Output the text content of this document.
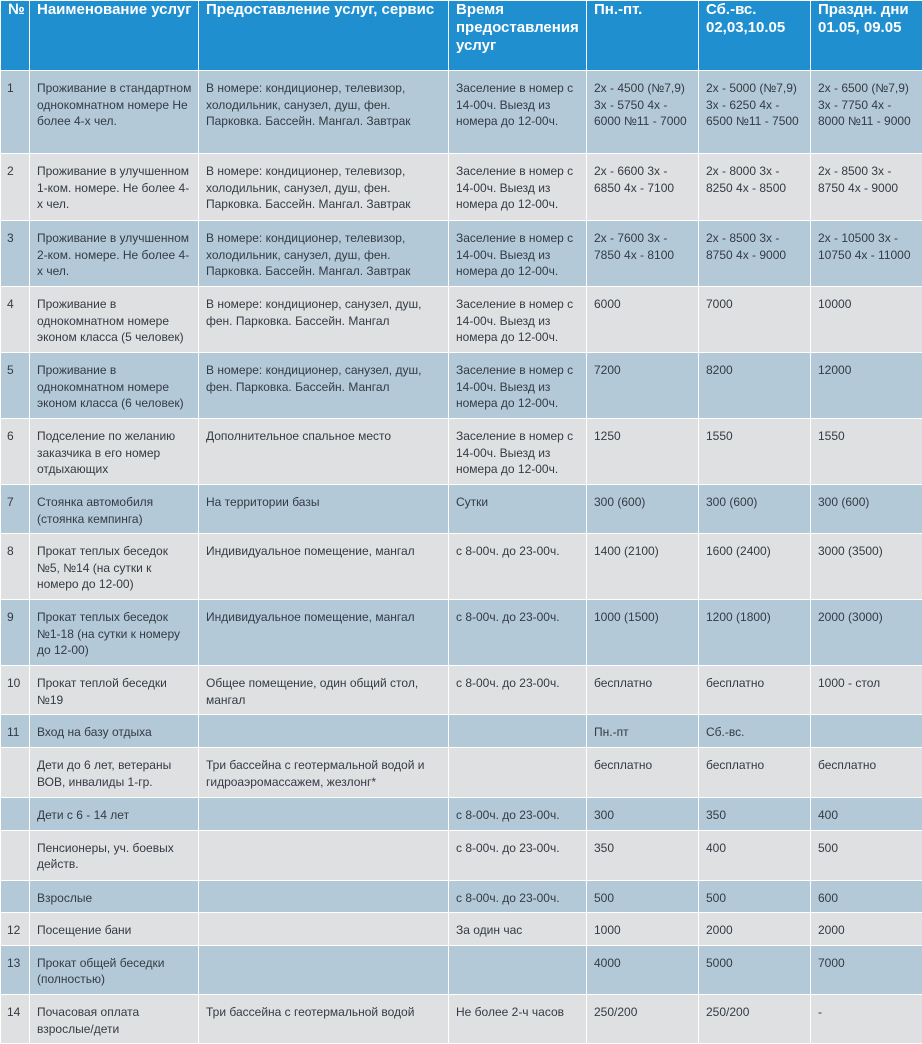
№	Наименование услуг	Предоставление услуг, сервис	Время предоставления услуг	Пн.-пт.	Сб.-вс. 02,03,10.05	Праздн. дни 01.05, 09.05
1	Проживание в стандартном однокомнатном номере Не более 4-х чел.	В номере: кондиционер, телевизор, холодильник, санузел, душ, фен. Парковка. Бассейн. Мангал. Завтрак	Заселение в номер с 14-00ч. Выезд из номера до 12-00ч.	2х - 4500 (№7,9) 3х - 5750 4х - 6000 №11 - 7000	2х - 5000 (№7,9) 3х - 6250 4х - 6500 №11 - 7500	2х - 6500 (№7,9) 3х - 7750 4х - 8000 №11 - 9000
2	Проживание в улучшенном 1-ком. номере. Не более 4-х чел.	В номере: кондиционер, телевизор, холодильник, санузел, душ, фен. Парковка. Бассейн. Мангал. Завтрак	Заселение в номер с 14-00ч. Выезд из номера до 12-00ч.	2х - 6600 3х - 6850 4х - 7100	2х - 8000 3х - 8250 4х - 8500	2х - 8500 3х - 8750 4х - 9000
3	Проживание в улучшенном 2-ком. номере. Не более 4-х чел.	В номере: кондиционер, телевизор, холодильник, санузел, душ, фен. Парковка. Бассейн. Мангал. Завтрак	Заселение в номер с 14-00ч. Выезд из номера до 12-00ч.	2х - 7600 3х - 7850 4х - 8100	2х - 8500 3х - 8750 4х - 9000	2х - 10500 3х - 10750 4х - 11000
4	Проживание в однокомнатном номере эконом класса (5 человек)	В номере: кондиционер, санузел, душ, фен. Парковка. Бассейн. Мангал	Заселение в номер с 14-00ч. Выезд из номера до 12-00ч.	6000	7000	10000
5	Проживание в однокомнатном номере эконом класса (6 человек)	В номере: кондиционер, санузел, душ, фен. Парковка. Бассейн. Мангал	Заселение в номер с 14-00ч. Выезд из номера до 12-00ч.	7200	8200	12000
6	Подселение по желанию заказчика в его номер отдыхающих	Дополнительное спальное место	Заселение в номер с 14-00ч. Выезд из номера до 12-00ч.	1250	1550	1550
7	Стоянка автомобиля (стоянка кемпинга)	На территории базы	Сутки	300 (600)	300 (600)	300 (600)
8	Прокат теплых беседок №5, №14 (на сутки к номеро до 12-00)	Индивидуальное помещение, мангал	с 8-00ч. до 23-00ч.	1400 (2100)	1600 (2400)	3000 (3500)
9	Прокат теплых беседок №1-18 (на сутки к номеру до 12-00)	Индивидуальное помещение, мангал	с 8-00ч. до 23-00ч.	1000 (1500)	1200 (1800)	2000 (3000)
10	Прокат теплой беседки №19	Общее помещение, один общий стол, мангал	с 8-00ч. до 23-00ч.	бесплатно	бесплатно	1000 - стол
11	Вход на базу отдыха			Пн.-пт	Сб.-вс.	
	Дети до 6 лет, ветераны ВОВ, инвалиды 1-гр.	Три бассейна с геотермальной водой и гидроаэромассажем, жезлонг*		бесплатно	бесплатно	бесплатно
	Дети с 6 - 14 лет		с 8-00ч. до 23-00ч.	300	350	400
	Пенсионеры, уч. боевых действ.		с 8-00ч. до 23-00ч.	350	400	500
	Взрослые		с 8-00ч. до 23-00ч.	500	500	600
12	Посещение бани		За один час	1000	2000	2000
13	Прокат общей беседки (полностью)			4000	5000	7000
14	Почасовая оплата взрослые/дети	Три бассейна с геотермальной водой	Не более 2-ч часов	250/200	250/200	-
